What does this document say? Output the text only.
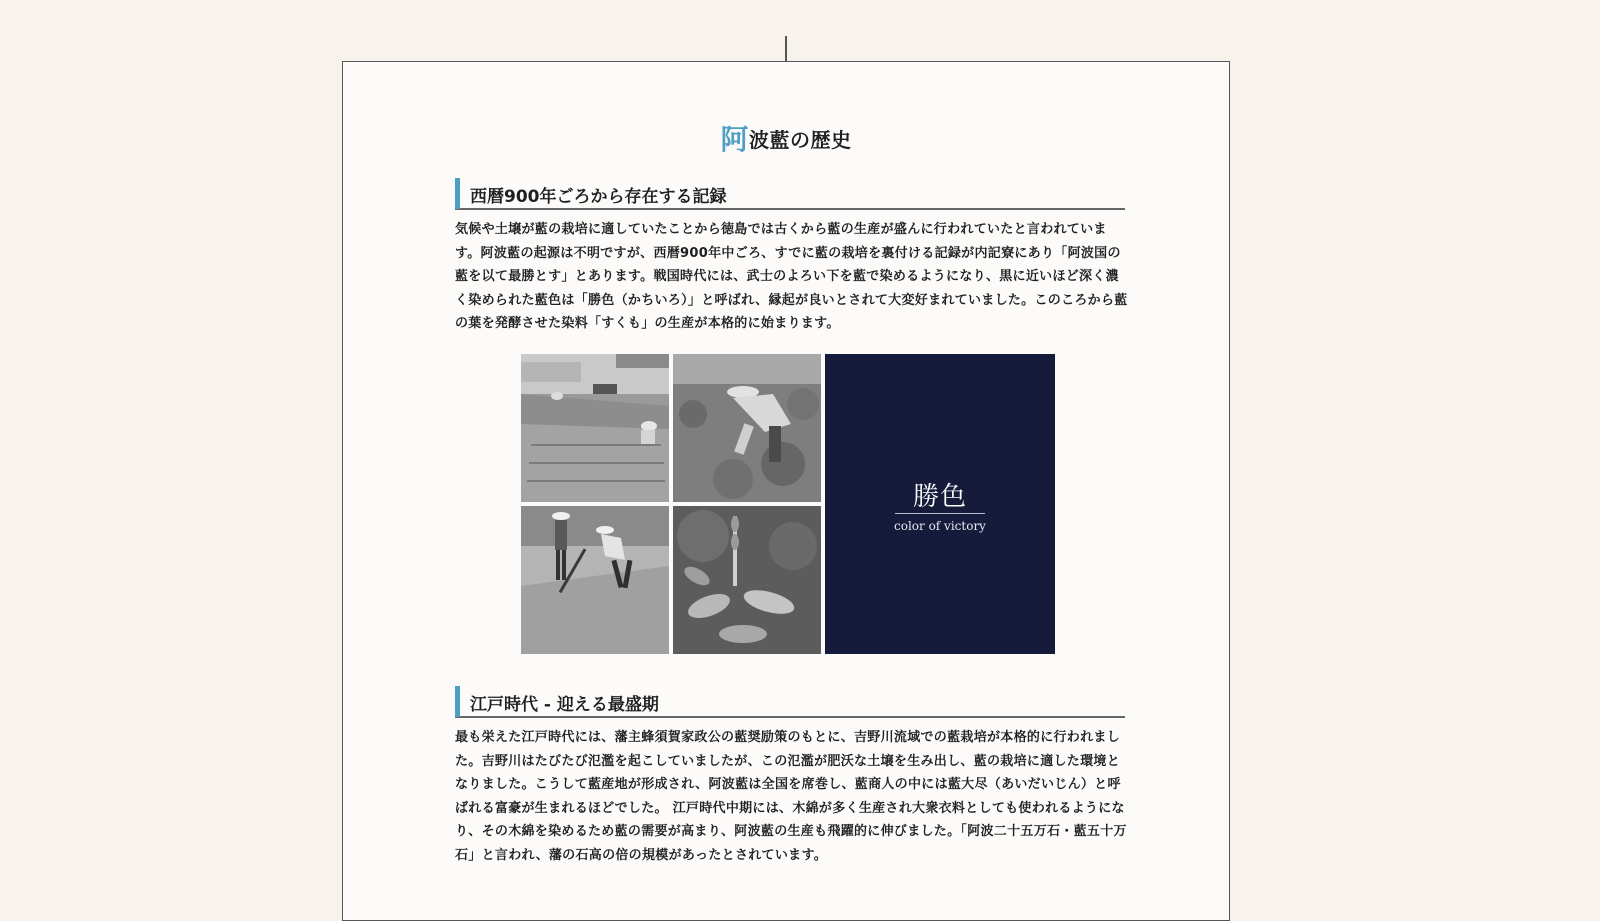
阿波藍の歴史
西暦900年ごろから存在する記録

気候や土壌が藍の栽培に適していたことから徳島では古くから藍の生産が盛んに行われていたと言われています。阿波藍の起源は不明ですが、西暦900年中ごろ、すでに藍の栽培を裏付ける記録が内記寮にあり「阿波国の藍を以て最勝とす」とあります。戦国時代には、武士のよろい下を藍で染めるようになり、黒に近いほど深く濃く染められた藍色は「勝色（かちいろ）」と呼ばれ、縁起が良いとされて大変好まれていました。このころから藍の葉を発酵させた染料「すくも」の生産が本格的に始まります。

勝色
color of victory
江戸時代 - 迎える最盛期

最も栄えた江戸時代には、藩主蜂須賀家政公の藍奨励策のもとに、吉野川流域での藍栽培が本格的に行われました。吉野川はたびたび氾濫を起こしていましたが、この氾濫が肥沃な土壌を生み出し、藍の栽培に適した環境となりました。こうして藍産地が形成され、阿波藍は全国を席巻し、藍商人の中には藍大尽（あいだいじん）と呼ばれる富豪が生まれるほどでした。 江戸時代中期には、木綿が多く生産され大衆衣料としても使われるようになり、その木綿を染めるため藍の需要が高まり、阿波藍の生産も飛躍的に伸びました。「阿波二十五万石・藍五十万石」と言われ、藩の石高の倍の規模があったとされています。
